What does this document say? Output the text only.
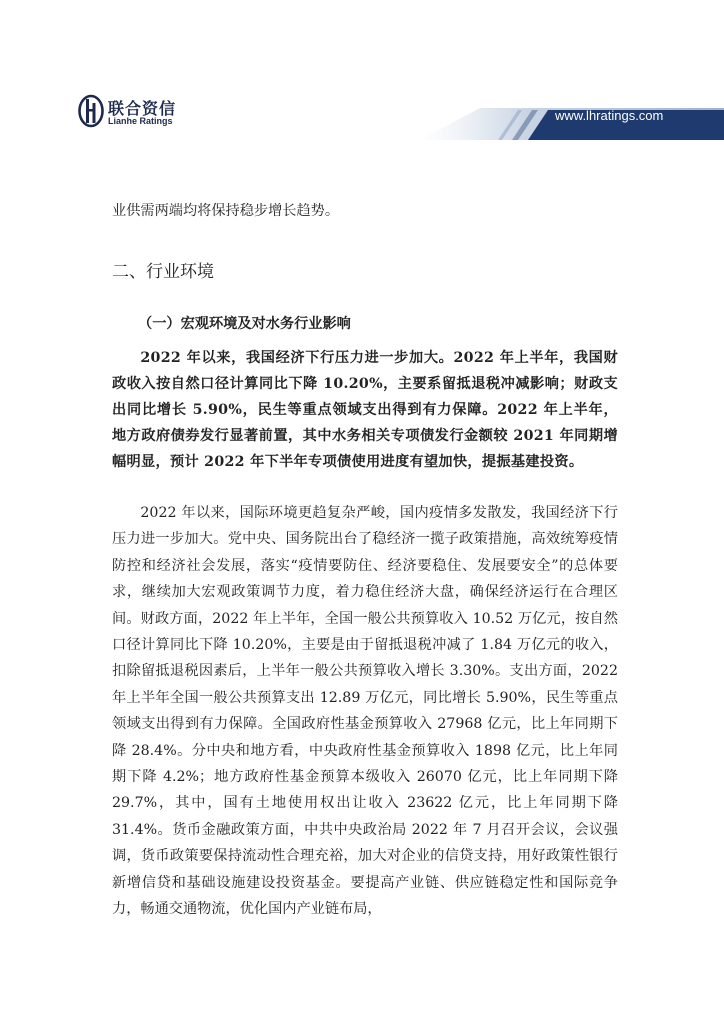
联合资信
Lianhe Ratings	www.lhratings.com
业供需两端均将保持稳步增长趋势。
二、行业环境
（一）宏观环境及对水务行业影响
2022 年以来，我国经济下行压力进一步加大。2022 年上半年，我国财政收入按自然口径计算同比下降 10.20%，主要系留抵退税冲减影响；财政支出同比增长 5.90%，民生等重点领域支出得到有力保障。2022 年上半年，地方政府债券发行显著前置，其中水务相关专项债发行金额较 2021 年同期增幅明显，预计 2022 年下半年专项债使用进度有望加快，提振基建投资。
2022 年以来，国际环境更趋复杂严峻，国内疫情多发散发，我国经济下行压力进一步加大。党中央、国务院出台了稳经济一揽子政策措施，高效统筹疫情防控和经济社会发展，落实“疫情要防住、经济要稳住、发展要安全”的总体要求，继续加大宏观政策调节力度，着力稳住经济大盘，确保经济运行在合理区间。财政方面，2022 年上半年，全国一般公共预算收入 10.52 万亿元，按自然口径计算同比下降 10.20%，主要是由于留抵退税冲减了 1.84 万亿元的收入，扣除留抵退税因素后，上半年一般公共预算收入增长 3.30%。支出方面，2022 年上半年全国一般公共预算支出 12.89 万亿元，同比增长 5.90%，民生等重点领域支出得到有力保障。全国政府性基金预算收入 27968 亿元，比上年同期下降 28.4%。分中央和地方看，中央政府性基金预算收入 1898 亿元，比上年同期下降 4.2%；地方政府性基金预算本级收入 26070 亿元，比上年同期下降 29.7%，其中，国有土地使用权出让收入 23622 亿元，比上年同期下降 31.4%。货币金融政策方面，中共中央政治局 2022 年 7 月召开会议，会议强调，货币政策要保持流动性合理充裕，加大对企业的信贷支持，用好政策性银行新增信贷和基础设施建设投资基金。要提高产业链、供应链稳定性和国际竞争力，畅通交通物流，优化国内产业链布局，
